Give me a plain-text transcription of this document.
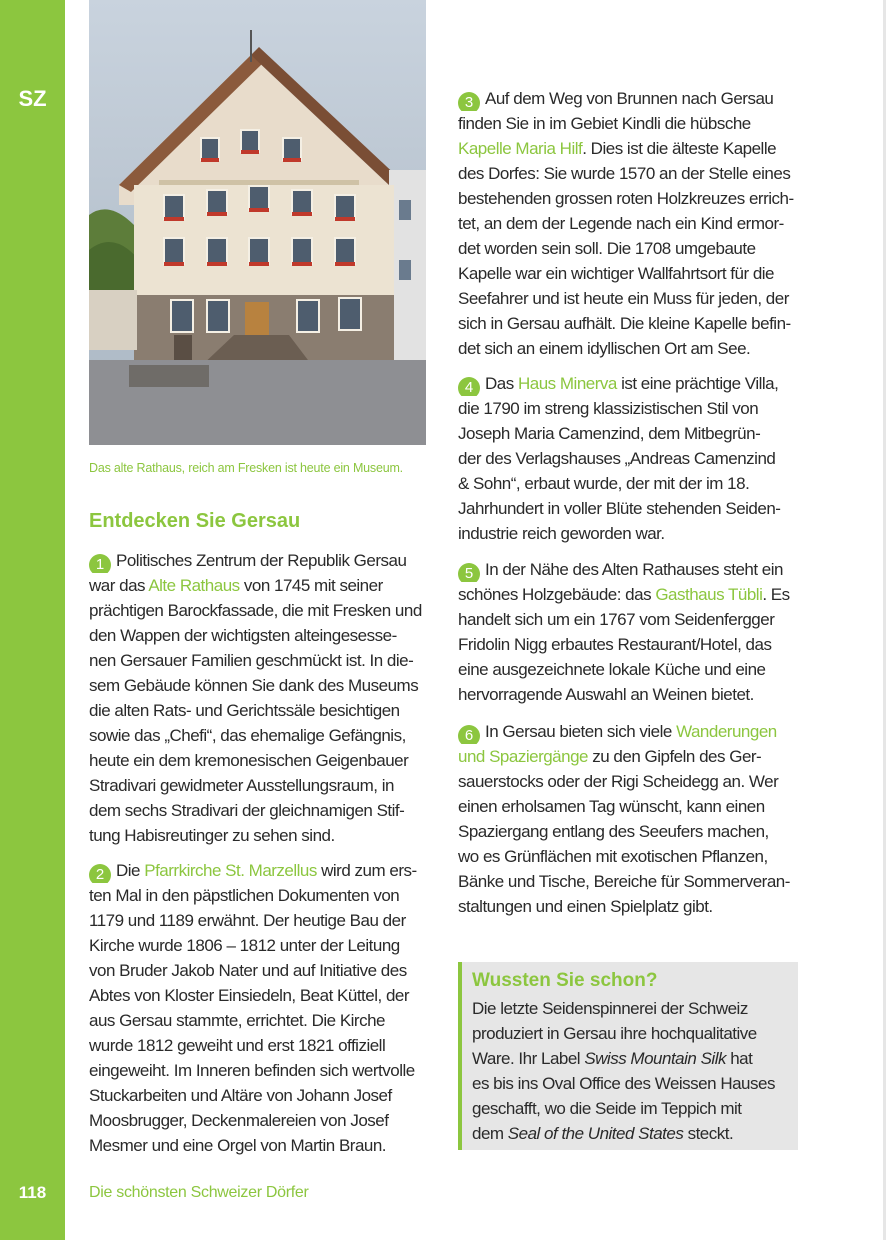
SZ
118
Das alte Rathaus, reich am Fresken ist heute ein Museum.
Entdecken Sie Gersau
1 Politisches Zentrum der Republik Gersau
war das Alte Rathaus von 1745 mit seiner
prächtigen Barockfassade, die mit Fresken und
den Wappen der wichtigsten alteingesesse-
nen Gersauer Familien geschmückt ist. In die-
sem Gebäude können Sie dank des Museums
die alten Rats- und Gerichtssäle besichtigen
sowie das „Chefi“, das ehemalige Gefängnis,
heute ein dem kremonesischen Geigenbauer
Stradivari gewidmeter Ausstellungsraum, in
dem sechs Stradivari der gleichnamigen Stif-
tung Habisreutinger zu sehen sind.
2 Die Pfarrkirche St. Marzellus wird zum ers-
ten Mal in den päpstlichen Dokumenten von
1179 und 1189 erwähnt. Der heutige Bau der
Kirche wurde 1806 – 1812 unter der Leitung
von Bruder Jakob Nater und auf Initiative des
Abtes von Kloster Einsiedeln, Beat Küttel, der
aus Gersau stammte, errichtet. Die Kirche
wurde 1812 geweiht und erst 1821 offiziell
eingeweiht. Im Inneren befinden sich wertvolle
Stuckarbeiten und Altäre von Johann Josef
Moosbrugger, Deckenmalereien von Josef
Mesmer und eine Orgel von Martin Braun.
3 Auf dem Weg von Brunnen nach Gersau
finden Sie in im Gebiet Kindli die hübsche
Kapelle Maria Hilf. Dies ist die älteste Kapelle
des Dorfes: Sie wurde 1570 an der Stelle eines
bestehenden grossen roten Holzkreuzes errich-
tet, an dem der Legende nach ein Kind ermor-
det worden sein soll. Die 1708 umgebaute
Kapelle war ein wichtiger Wallfahrtsort für die
Seefahrer und ist heute ein Muss für jeden, der
sich in Gersau aufhält. Die kleine Kapelle befin-
det sich an einem idyllischen Ort am See.
4 Das Haus Minerva ist eine prächtige Villa,
die 1790 im streng klassizistischen Stil von
Joseph Maria Camenzind, dem Mitbegrün-
der des Verlagshauses „Andreas Camenzind
& Sohn“, erbaut wurde, der mit der im 18.
Jahrhundert in voller Blüte stehenden Seiden-
industrie reich geworden war.
5 In der Nähe des Alten Rathauses steht ein
schönes Holzgebäude: das Gasthaus Tübli. Es
handelt sich um ein 1767 vom Seidenfergger
Fridolin Nigg erbautes Restaurant/Hotel, das
eine ausgezeichnete lokale Küche und eine
hervorragende Auswahl an Weinen bietet.
6 In Gersau bieten sich viele Wanderungen
und Spaziergänge zu den Gipfeln des Ger-
sauerstocks oder der Rigi Scheidegg an. Wer
einen erholsamen Tag wünscht, kann einen
Spaziergang entlang des Seeufers machen,
wo es Grünflächen mit exotischen Pflanzen,
Bänke und Tische, Bereiche für Sommerveran-
staltungen und einen Spielplatz gibt.
Wussten Sie schon?
Die letzte Seidenspinnerei der Schweiz
produziert in Gersau ihre hochqualitative
Ware. Ihr Label Swiss Mountain Silk hat
es bis ins Oval Office des Weissen Hauses
geschafft, wo die Seide im Teppich mit
dem Seal of the United States steckt.
Die schönsten Schweizer Dörfer
